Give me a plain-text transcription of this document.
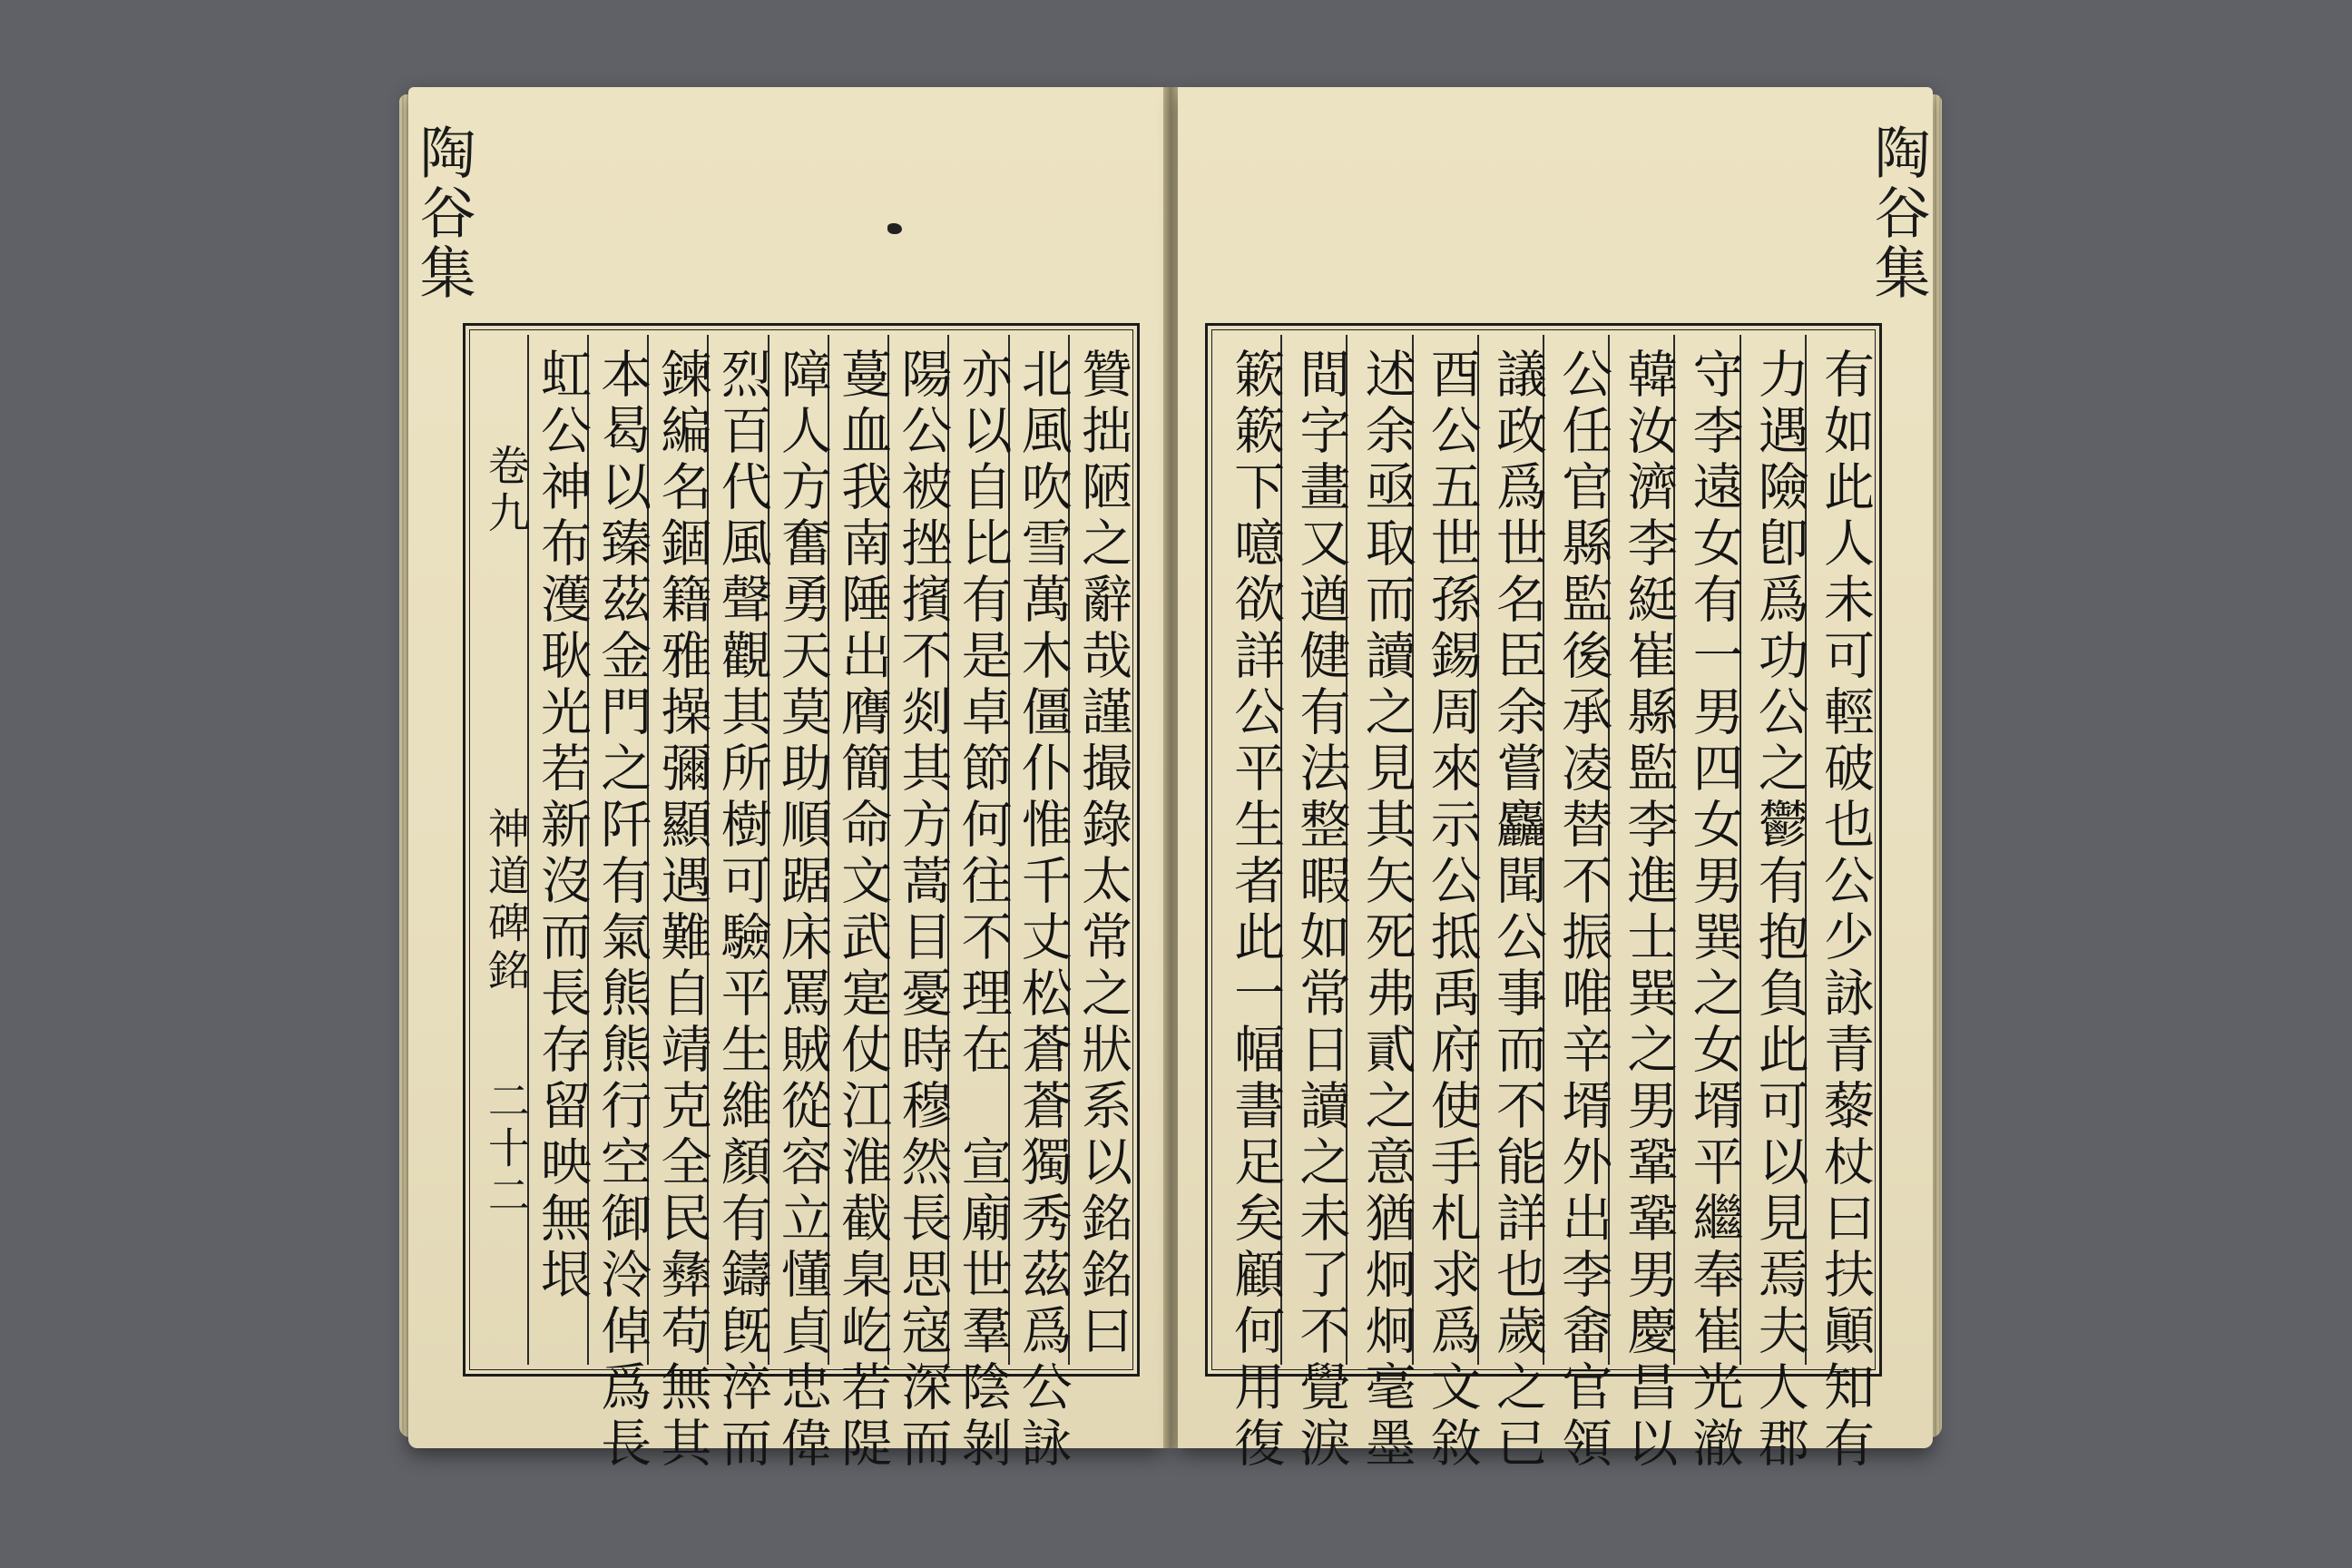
陶谷集
贊拙陋之辭哉謹撮錄太常之狀系以銘銘曰
北風吹雪萬木僵仆惟千丈松蒼蒼獨秀茲爲公詠
亦以自比有是卓節何往不理在　宣廟世羣陰剝
陽公被挫擯不剡其方蒿目憂時穆然長思寇深而
蔓血我南陲出膺簡命文武寔仗江淮截臬屹若隄
障人方奮勇天莫助順踞床罵賊從容立懂貞忠偉
烈百代風聲觀其所樹可驗平生維顏有鑄旣淬而
鍊編名錮籍雅操彌顯遇難自靖克全民彝苟無其
本曷以臻茲金門之阡有氣熊熊行空御泠倬爲長
虹公神布濩耿光若新沒而長存留映無垠
卷九
神道碑銘
二十二
陶谷集
有如此人未可輕破也公少詠青藜杖曰扶顚知有
力遇險卽爲功公之鬱有抱負此可以見焉夫人郡
守李遠女有一男四女男巽之女壻平繼奉崔光澈
韓汝濟李綎崔縣監李進士巽之男鞏鞏男慶昌以
公任官縣監後承凌替不振唯辛壻外出李畬官領
議政爲世名臣余嘗麤聞公事而不能詳也歲之已
酉公五世孫錫周來示公抵禹府使手札求爲文敘
述余亟取而讀之見其矢死弗貳之意猶炯炯毫墨
間字畫又遒健有法整暇如常日讀之未了不覺淚
簌簌下噫欲詳公平生者此一幅書足矣顧何用復
